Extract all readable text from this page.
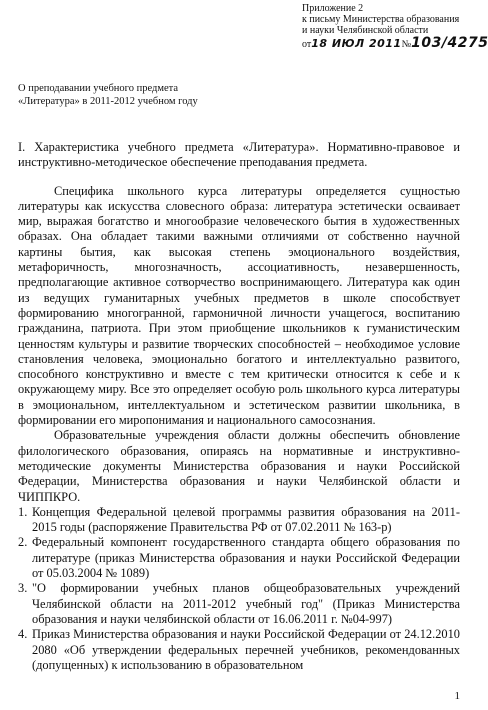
Приложение 2
к письму Министерства образования
и науки Челябинской области
от 18 ИЮЛ 2011 № 103/4275
О преподавании учебного предмета
«Литература» в 2011-2012 учебном году

I. Характеристика учебного предмета «Литература». Нормативно-правовое и инструктивно-методическое обеспечение преподавания предмета.

Специфика школьного курса литературы определяется сущностью литературы как искусства словесного образа: литература эстетически осваивает мир, выражая богатство и многообразие человеческого бытия в художественных образах. Она обладает такими важными отличиями от собственно научной картины бытия, как высокая степень эмоционального воздействия, метафоричность, многозначность, ассоциативность, незавершенность, предполагающие активное сотворчество воспринимающего. Литература как один из ведущих гуманитарных учебных предметов в школе способствует формированию многогранной, гармоничной личности учащегося, воспитанию гражданина, патриота. При этом приобщение школьников к гуманистическим ценностям культуры и развитие творческих способностей – необходимое условие становления человека, эмоционально богатого и интеллектуально развитого, способного конструктивно и вместе с тем критически относится к себе и к окружающему миру. Все это определяет особую роль школьного курса литературы в эмоциональном, интеллектуальном и эстетическом развитии школьника, в формировании его миропонимания и национального самосознания.

Образовательные учреждения области должны обеспечить обновление филологического образования, опираясь на нормативные и инструктивно-методические документы Министерства образования и науки Российской Федерации, Министерства образования и науки Челябинской области и ЧИППКРО.

1. Концепция Федеральной целевой программы развития образования на 2011-2015 годы (распоряжение Правительства РФ от 07.02.2011 № 163-р)
2. Федеральный компонент государственного стандарта общего образования по литературе (приказ Министерства образования и науки Российской Федерации от 05.03.2004 № 1089)
3. "О формировании учебных планов общеобразовательных учреждений Челябинской области на 2011-2012 учебный год" (Приказ Министерства образования и науки челябинской области от 16.06.2011 г. №04-997)
4. Приказ Министерства образования и науки Российской Федерации от 24.12.2010 2080 «Об утверждении федеральных перечней учебников, рекомендованных (допущенных) к использованию в образовательном
1
